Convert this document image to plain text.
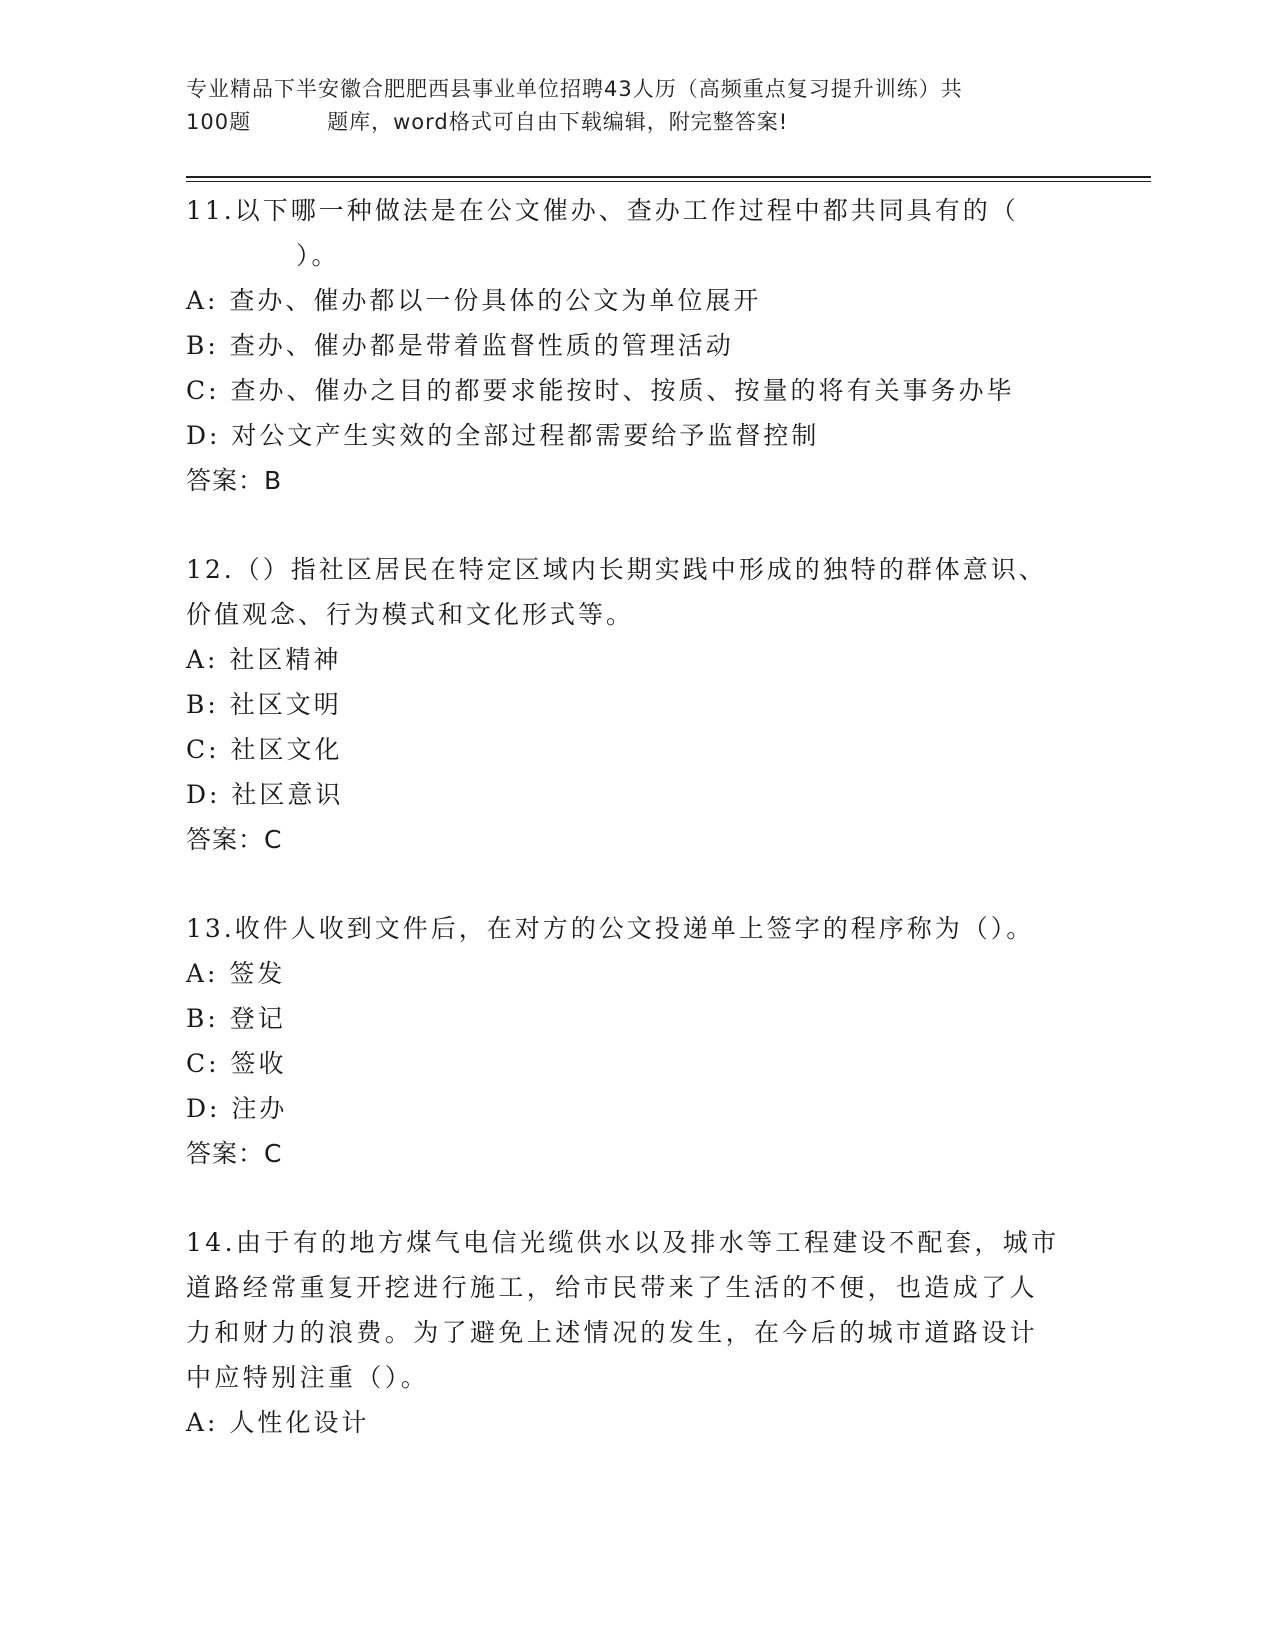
专业精品下半安徽合肥肥西县事业单位招聘43人历（高频重点复习提升训练）共
100题	题库，word格式可自由下载编辑，附完整答案!
11.以下哪一种做法是在公文催办、查办工作过程中都共同具有的（
）。
A: 查办、催办都以一份具体的公文为单位展开
B: 查办、催办都是带着监督性质的管理活动
C: 查办、催办之目的都要求能按时、按质、按量的将有关事务办毕
D: 对公文产生实效的全部过程都需要给予监督控制
答案：B
12.（）指社区居民在特定区域内长期实践中形成的独特的群体意识、
价值观念、行为模式和文化形式等。
A: 社区精神
B: 社区文明
C: 社区文化
D: 社区意识
答案：C
13.收件人收到文件后，在对方的公文投递单上签字的程序称为（）。
A: 签发
B: 登记
C: 签收
D: 注办
答案：C
14.由于有的地方煤气电信光缆供水以及排水等工程建设不配套，城市
道路经常重复开挖进行施工，给市民带来了生活的不便，也造成了人
力和财力的浪费。为了避免上述情况的发生，在今后的城市道路设计
中应特别注重（）。
A: 人性化设计
